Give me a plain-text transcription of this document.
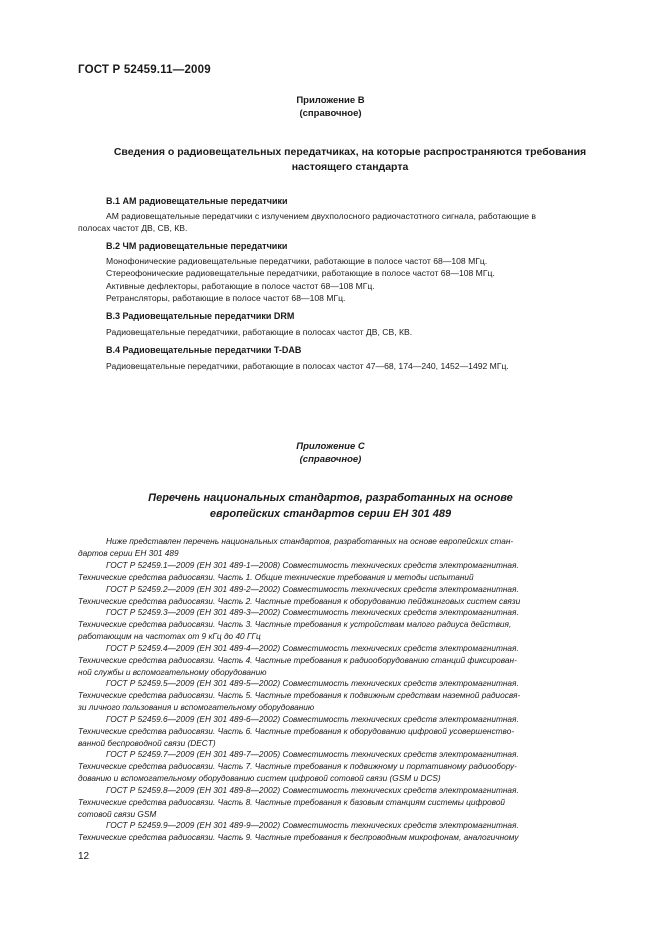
ГОСТ Р 52459.11—2009
Приложение В
(справочное)
Сведения о радиовещательных передатчиках, на которые распространяются требования
настоящего стандарта
В.1 АМ радиовещательные передатчики
АМ радиовещательные передатчики с излучением двухполосного радиочастотного сигнала, работающие в
полосах частот ДВ, СВ, КВ.
В.2 ЧМ радиовещательные передатчики
Монофонические радиовещательные передатчики, работающие в полосе частот 68—108 МГц.
Стереофонические радиовещательные передатчики, работающие в полосе частот 68—108 МГц.
Активные дефлекторы, работающие в полосе частот 68—108 МГц.
Ретрансляторы, работающие в полосе частот 68—108 МГц.
В.3 Радиовещательные передатчики DRM
Радиовещательные передатчики, работающие в полосах частот ДВ, СВ, КВ.
В.4 Радиовещательные передатчики T-DAB
Радиовещательные передатчики, работающие в полосах частот 47—68, 174—240, 1452—1492 МГц.
Приложение С
(справочное)
Перечень национальных стандартов, разработанных на основе
европейских стандартов серии ЕН 301 489
Ниже представлен перечень национальных стандартов, разработанных на основе европейских стан-
дартов серии ЕН 301 489
ГОСТ Р 52459.1—2009 (ЕН 301 489-1—2008) Совместимость технических средств электромагнитная.
Технические средства радиосвязи. Часть 1. Общие технические требования и методы испытаний
ГОСТ Р 52459.2—2009 (ЕН 301 489-2—2002) Совместимость технических средств электромагнитная.
Технические средства радиосвязи. Часть 2. Частные требования к оборудованию пейджинговых систем связи
ГОСТ Р 52459.3—2009 (ЕН 301 489-3—2002) Совместимость технических средств электромагнитная.
Технические средства радиосвязи. Часть 3. Частные требования к устройствам малого радиуса действия,
работающим на частотах от 9 кГц до 40 ГГц
ГОСТ Р 52459.4—2009 (ЕН 301 489-4—2002) Совместимость технических средств электромагнитная.
Технические средства радиосвязи. Часть 4. Частные требования к радиооборудованию станций фиксирован-
ной службы и вспомогательному оборудованию
ГОСТ Р 52459.5—2009 (ЕН 301 489-5—2002) Совместимость технических средств электромагнитная.
Технические средства радиосвязи. Часть 5. Частные требования к подвижным средствам наземной радиосвя-
зи личного пользования и вспомогательному оборудованию
ГОСТ Р 52459.6—2009 (ЕН 301 489-6—2002) Совместимость технических средств электромагнитная.
Технические средства радиосвязи. Часть 6. Частные требования к оборудованию цифровой усовершенство-
ванной беспроводной связи (DECT)
ГОСТ Р 52459.7—2009 (ЕН 301 489-7—2005) Совместимость технических средств электромагнитная.
Технические средства радиосвязи. Часть 7. Частные требования к подвижному и портативному радиообору-
дованию и вспомогательному оборудованию систем цифровой сотовой связи (GSM и DCS)
ГОСТ Р 52459.8—2009 (ЕН 301 489-8—2002) Совместимость технических средств электромагнитная.
Технические средства радиосвязи. Часть 8. Частные требования к базовым станциям системы цифровой
сотовой связи GSM
ГОСТ Р 52459.9—2009 (ЕН 301 489-9—2002) Совместимость технических средств электромагнитная.
Технические средства радиосвязи. Часть 9. Частные требования к беспроводным микрофонам, аналогичному
12
